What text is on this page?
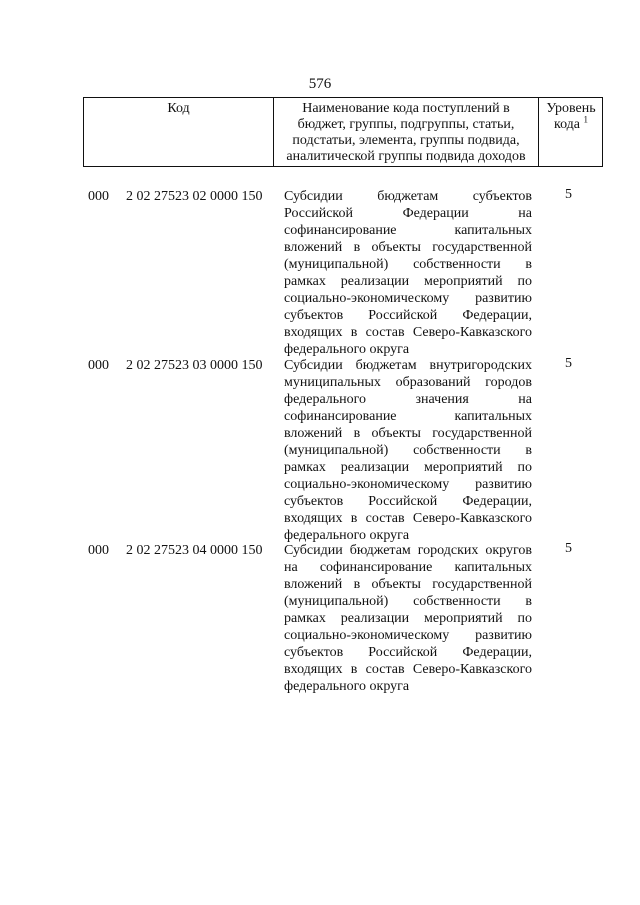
576
Код	Наименование кода поступлений в
бюджет, группы, подгруппы, статьи,
подстатьи, элемента, группы подвида,
аналитической группы подвида доходов
Уровень
кода $^1$
000 2 02 27523 02 0000 150 Субсидии бюджетам субъектов
Российской Федерации на
софинансирование капитальных
вложений в объекты государственной
(муниципальной) собственности в
рамках реализации мероприятий по
социально-экономическому развитию
субъектов Российской Федерации,
входящих в состав Северо-Кавказского
федерального округа
5
000 2 02 27523 03 0000 150 Субсидии бюджетам внутригородских
муниципальных образований городов
федерального значения на
софинансирование капитальных
вложений в объекты государственной
(муниципальной) собственности в
рамках реализации мероприятий по
социально-экономическому развитию
субъектов Российской Федерации,
входящих в состав Северо-Кавказского
федерального округа
5
000 2 02 27523 04 0000 150 Субсидии бюджетам городских округов
на софинансирование капитальных
вложений в объекты государственной
(муниципальной) собственности в
рамках реализации мероприятий по
социально-экономическому развитию
субъектов Российской Федерации,
входящих в состав Северо-Кавказского
федерального округа
5
